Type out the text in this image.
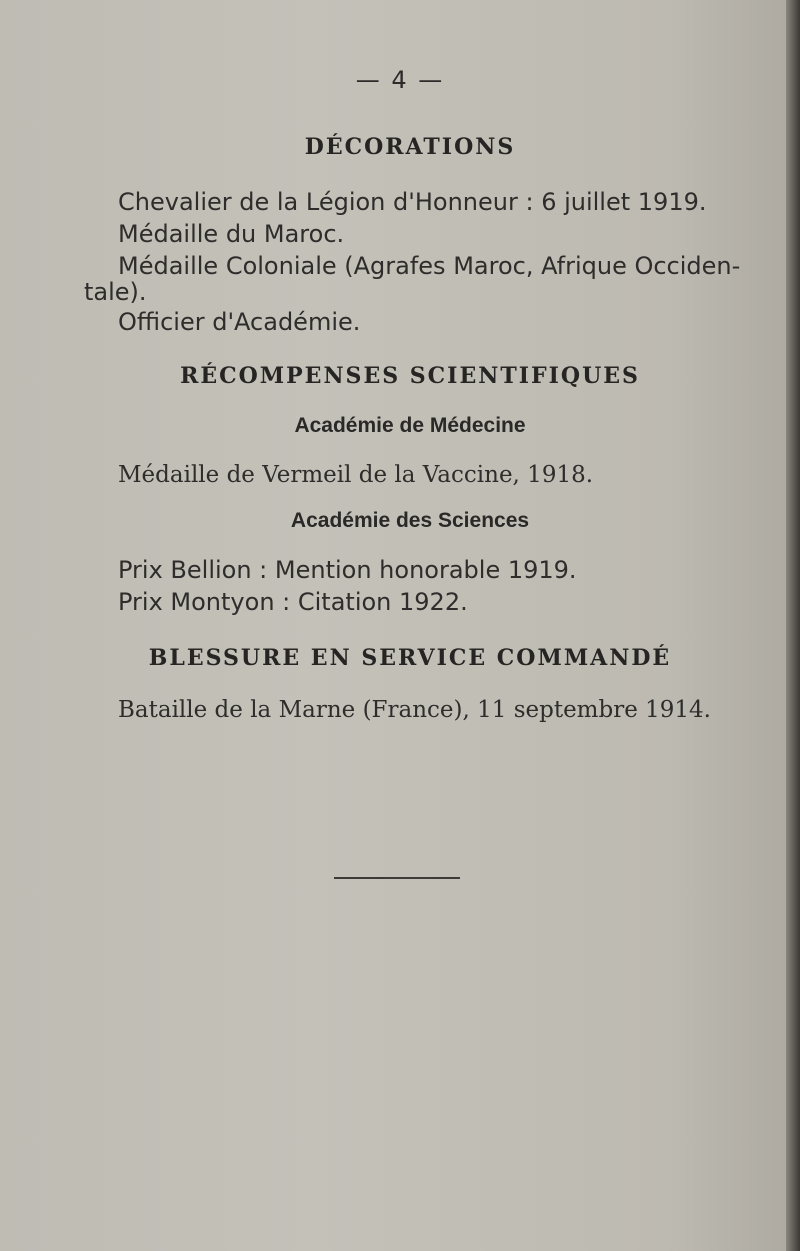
— 4 —
DÉCORATIONS
Chevalier de la Légion d'Honneur : 6 juillet 1919.
Médaille du Maroc.
Médaille Coloniale (Agrafes Maroc, Afrique Occiden-
tale).
Officier d'Académie.
RÉCOMPENSES SCIENTIFIQUES
Académie de Médecine
Médaille de Vermeil de la Vaccine, 1918.
Académie des Sciences
Prix Bellion : Mention honorable 1919.
Prix Montyon : Citation 1922.
BLESSURE EN SERVICE COMMANDÉ
Bataille de la Marne (France), 11 septembre 1914.
